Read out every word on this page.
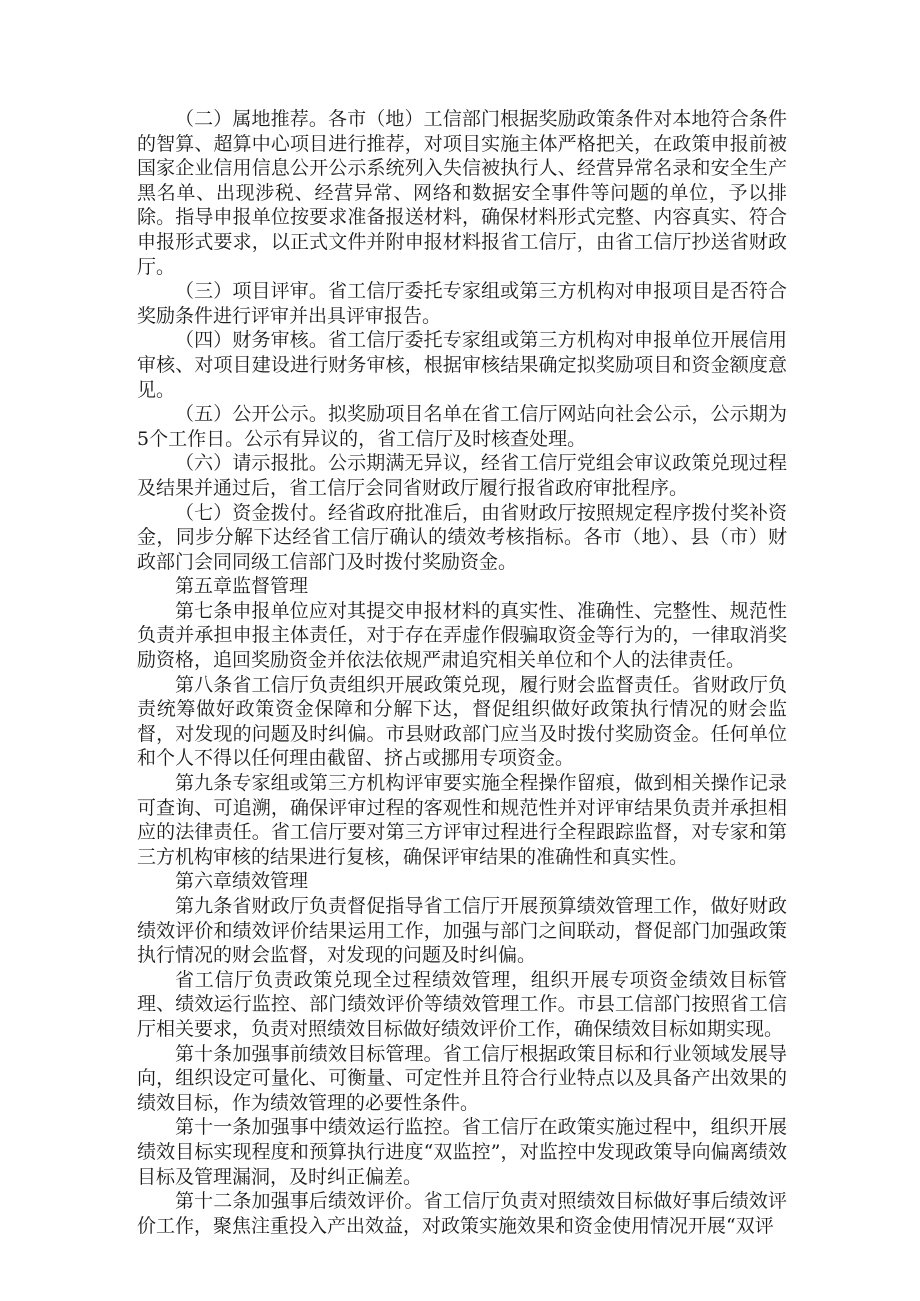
（二）属地推荐。各市（地）工信部门根据奖励政策条件对本地符合条件的智算、超算中心项目进行推荐，对项目实施主体严格把关，在政策申报前被国家企业信用信息公开公示系统列入失信被执行人、经营异常名录和安全生产黑名单、出现涉税、经营异常、网络和数据安全事件等问题的单位，予以排除。指导申报单位按要求准备报送材料，确保材料形式完整、内容真实、符合申报形式要求，以正式文件并附申报材料报省工信厅，由省工信厅抄送省财政厅。

（三）项目评审。省工信厅委托专家组或第三方机构对申报项目是否符合奖励条件进行评审并出具评审报告。

（四）财务审核。省工信厅委托专家组或第三方机构对申报单位开展信用审核、对项目建设进行财务审核，根据审核结果确定拟奖励项目和资金额度意见。

（五）公开公示。拟奖励项目名单在省工信厅网站向社会公示，公示期为5个工作日。公示有异议的，省工信厅及时核查处理。

（六）请示报批。公示期满无异议，经省工信厅党组会审议政策兑现过程及结果并通过后，省工信厅会同省财政厅履行报省政府审批程序。

（七）资金拨付。经省政府批准后，由省财政厅按照规定程序拨付奖补资金，同步分解下达经省工信厅确认的绩效考核指标。各市（地）、县（市）财政部门会同同级工信部门及时拨付奖励资金。

第五章监督管理

第七条申报单位应对其提交申报材料的真实性、准确性、完整性、规范性负责并承担申报主体责任，对于存在弄虚作假骗取资金等行为的，一律取消奖励资格，追回奖励资金并依法依规严肃追究相关单位和个人的法律责任。

第八条省工信厅负责组织开展政策兑现，履行财会监督责任。省财政厅负责统筹做好政策资金保障和分解下达，督促组织做好政策执行情况的财会监督，对发现的问题及时纠偏。市县财政部门应当及时拨付奖励资金。任何单位和个人不得以任何理由截留、挤占或挪用专项资金。

第九条专家组或第三方机构评审要实施全程操作留痕，做到相关操作记录可查询、可追溯，确保评审过程的客观性和规范性并对评审结果负责并承担相应的法律责任。省工信厅要对第三方评审过程进行全程跟踪监督，对专家和第三方机构审核的结果进行复核，确保评审结果的准确性和真实性。

第六章绩效管理

第九条省财政厅负责督促指导省工信厅开展预算绩效管理工作，做好财政绩效评价和绩效评价结果运用工作，加强与部门之间联动，督促部门加强政策执行情况的财会监督，对发现的问题及时纠偏。

省工信厅负责政策兑现全过程绩效管理，组织开展专项资金绩效目标管理、绩效运行监控、部门绩效评价等绩效管理工作。市县工信部门按照省工信厅相关要求，负责对照绩效目标做好绩效评价工作，确保绩效目标如期实现。

第十条加强事前绩效目标管理。省工信厅根据政策目标和行业领域发展导向，组织设定可量化、可衡量、可定性并且符合行业特点以及具备产出效果的绩效目标，作为绩效管理的必要性条件。

第十一条加强事中绩效运行监控。省工信厅在政策实施过程中，组织开展绩效目标实现程度和预算执行进度“双监控”，对监控中发现政策导向偏离绩效目标及管理漏洞，及时纠正偏差。

第十二条加强事后绩效评价。省工信厅负责对照绩效目标做好事后绩效评价工作，聚焦注重投入产出效益，对政策实施效果和资金使用情况开展“双评
